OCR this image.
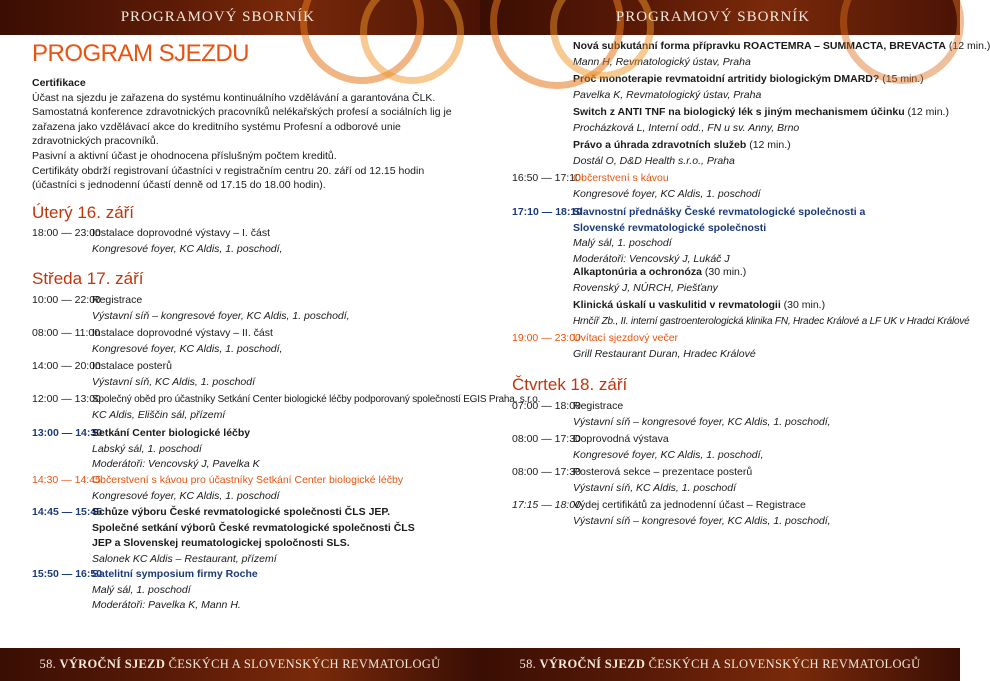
PROGRAMOVÝ SBORNÍK	PROGRAMOVÝ SBORNÍK
PROGRAM SJEZDU

Certifikace

Účast na sjezdu je zařazena do systému kontinuálního vzdělávání a garantována ČLK. Samostatná konference zdravotnických pracovníků nelékařských profesí a sociálních lig je zařazena jako vzdělávací akce do kreditního systému Profesní a odborové unie zdravotnických pracovníků.

Pasivní a aktivní účast je ohodnocena příslušným počtem kreditů.

Certifikáty obdrží registrovaní účastníci v registračním centru 20. září od 12.15 hodin (účastníci s jednodenní účastí denně od 17.15 do 18.00 hodin).

Úterý 16. září
18:00 — 23:00
Instalace doprovodné výstavy – I. část
Kongresové foyer, KC Aldis, 1. poschodí,
Středa 17. září
10:00 — 22:00
Registrace
Výstavní síň – kongresové foyer, KC Aldis, 1. poschodí,
08:00 — 11:00
Instalace doprovodné výstavy – II. část
Kongresové foyer, KC Aldis, 1. poschodí,
14:00 — 20:00
Instalace posterů
Výstavní síň, KC Aldis, 1. poschodí
12:00 — 13:00
Společný oběd pro účastníky Setkání Center biologické léčby podporovaný společností EGIS Praha, s.r.o.
KC Aldis, Eliščin sál, přízemí
13:00 — 14:30
Setkání Center biologické léčby
Labský sál, 1. poschodí
Moderátoři: Vencovský J, Pavelka K
14:30 — 14:45
Občerstvení s kávou pro účastníky Setkání Center biologické léčby
Kongresové foyer, KC Aldis, 1. poschodí
14:45 — 15:45
Schůze výboru České revmatologické společnosti ČLS JEP.
Společné setkání výborů České revmatologické společnosti ČLS JEP a Slovenskej reumatologickej spoločnosti SLS.
Salonek KC Aldis – Restaurant, přízemí
15:50 — 16:50
Satelitní symposium firmy Roche
Malý sál, 1. poschodí
Moderátoři: Pavelka K, Mann H.
Nová subkutánní forma přípravku ROACTEMRA – SUMMACTA, BREVACTA (12 min.)
Mann H, Revmatologický ústav, Praha
Proč monoterapie revmatoidní artritidy biologickým DMARD? (15 min.)
Pavelka K, Revmatologický ústav, Praha
Switch z ANTI TNF na biologický lék s jiným mechanismem účinku (12 min.)
Procházková L, Interní odd., FN u sv. Anny, Brno
Právo a úhrada zdravotních služeb (12 min.)
Dostál O, D&D Health s.r.o., Praha
16:50 — 17:10
Občerstvení s kávou
Kongresové foyer, KC Aldis, 1. poschodí
17:10 — 18:10
Slavnostní přednášky České revmatologické společnosti a Slovenské revmatologické společnosti
Malý sál, 1. poschodí
Moderátoři: Vencovský J, Lukáč J
Alkaptonúria a ochronóza (30 min.)
Rovenský J, NÚRCH, Piešťany
Klinická úskalí u vaskulitid v revmatologii (30 min.)
Hrnčíř Zb., II. interní gastroenterologická klinika FN, Hradec Králové a LF UK v Hradci Králové
19:00 — 23:00
Uvítací sjezdový večer
Grill Restaurant Duran, Hradec Králové
Čtvrtek 18. září
07:00 — 18:00
Registrace
Výstavní síň – kongresové foyer, KC Aldis, 1. poschodí,
08:00 — 17:30
Doprovodná výstava
Kongresové foyer, KC Aldis, 1. poschodí,
08:00 — 17:30
Posterová sekce – prezentace posterů
Výstavní síň, KC Aldis, 1. poschodí
17:15 — 18:00
Výdej certifikátů za jednodenní účast – Registrace
Výstavní síň – kongresové foyer, KC Aldis, 1. poschodí,
58. VÝROČNÍ SJEZD ČESKÝCH A SLOVENSKÝCH REVMATOLOGŮ	58. VÝROČNÍ SJEZD ČESKÝCH A SLOVENSKÝCH REVMATOLOGŮ
